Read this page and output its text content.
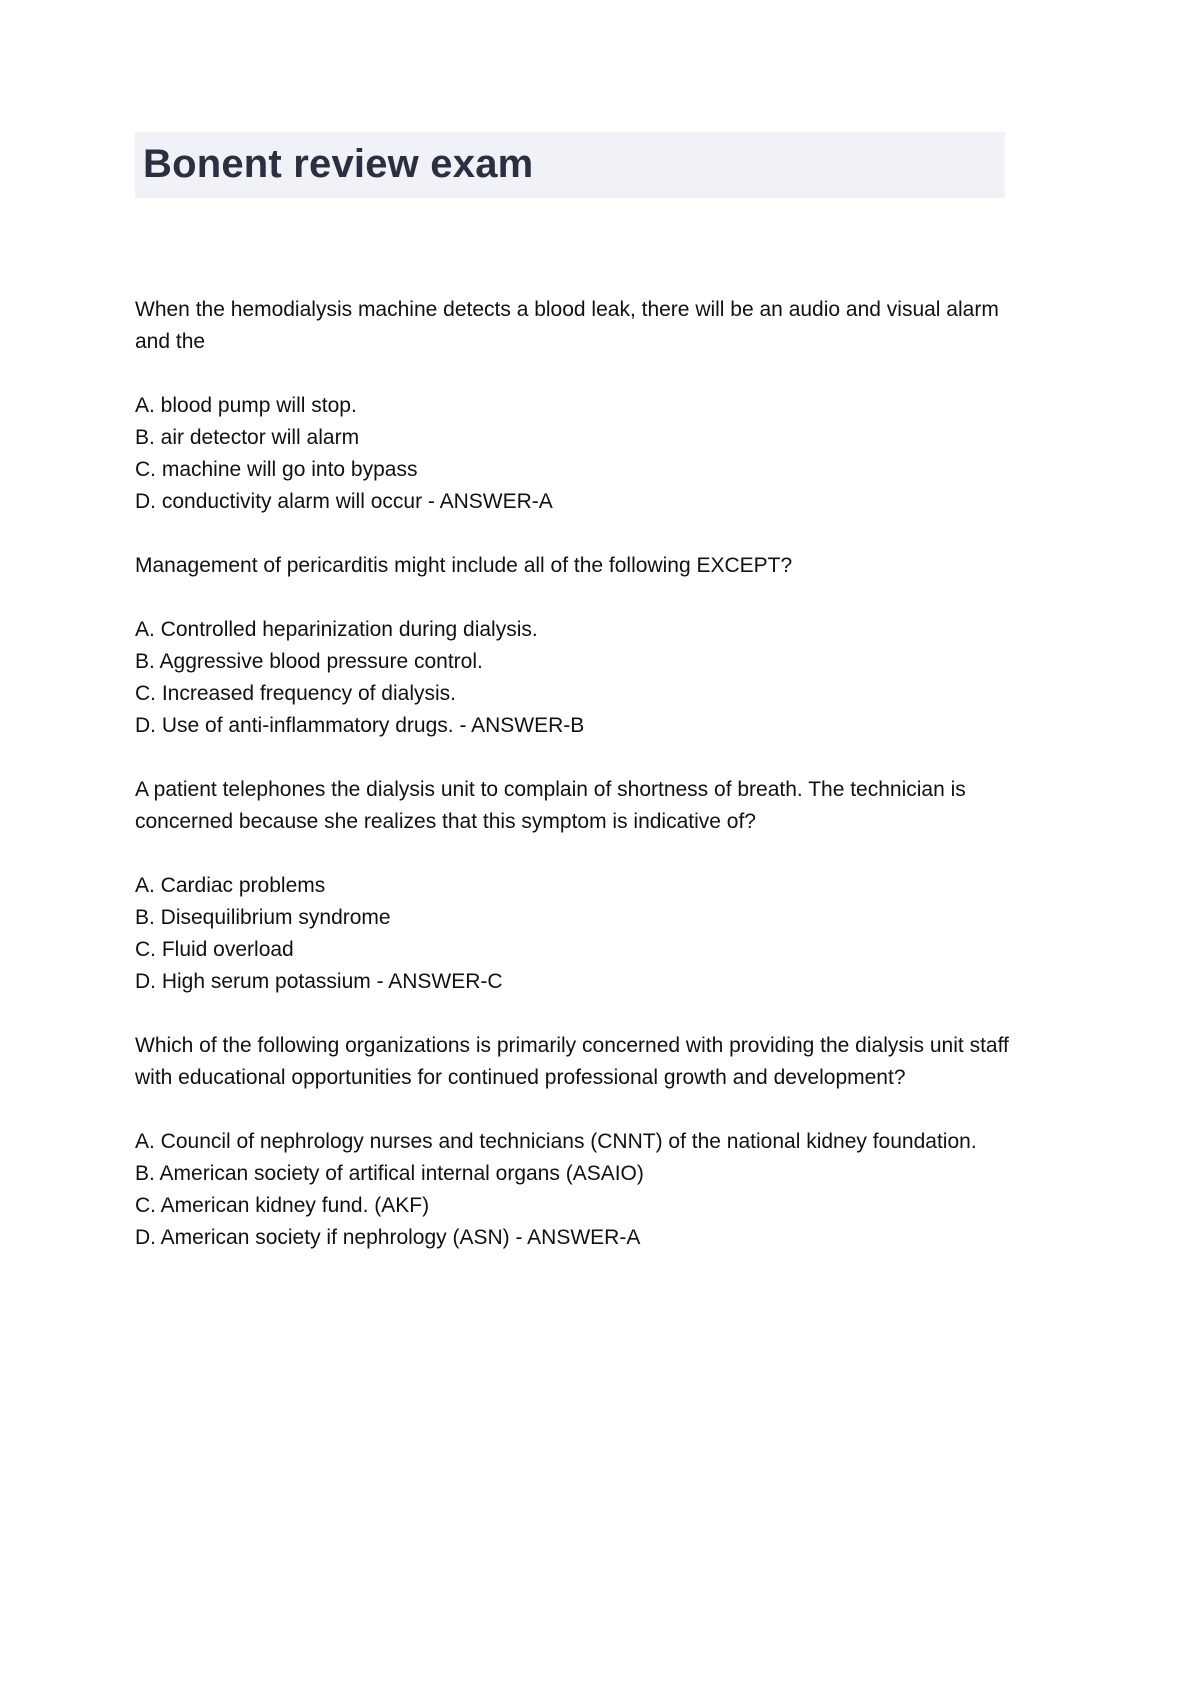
Bonent review exam
When the hemodialysis machine detects a blood leak, there will be an audio and visual alarm and the
A. blood pump will stop.
B. air detector will alarm
C. machine will go into bypass
D. conductivity alarm will occur - ANSWER-A
Management of pericarditis might include all of the following EXCEPT?
A. Controlled heparinization during dialysis.
B. Aggressive blood pressure control.
C. Increased frequency of dialysis.
D. Use of anti-inflammatory drugs. - ANSWER-B
A patient telephones the dialysis unit to complain of shortness of breath. The technician is concerned because she realizes that this symptom is indicative of?
A. Cardiac problems
B. Disequilibrium syndrome
C. Fluid overload
D. High serum potassium - ANSWER-C
Which of the following organizations is primarily concerned with providing the dialysis unit staff with educational opportunities for continued professional growth and development?
A. Council of nephrology nurses and technicians (CNNT) of the national kidney foundation.
B. American society of artifical internal organs (ASAIO)
C. American kidney fund. (AKF)
D. American society if nephrology (ASN) - ANSWER-A
